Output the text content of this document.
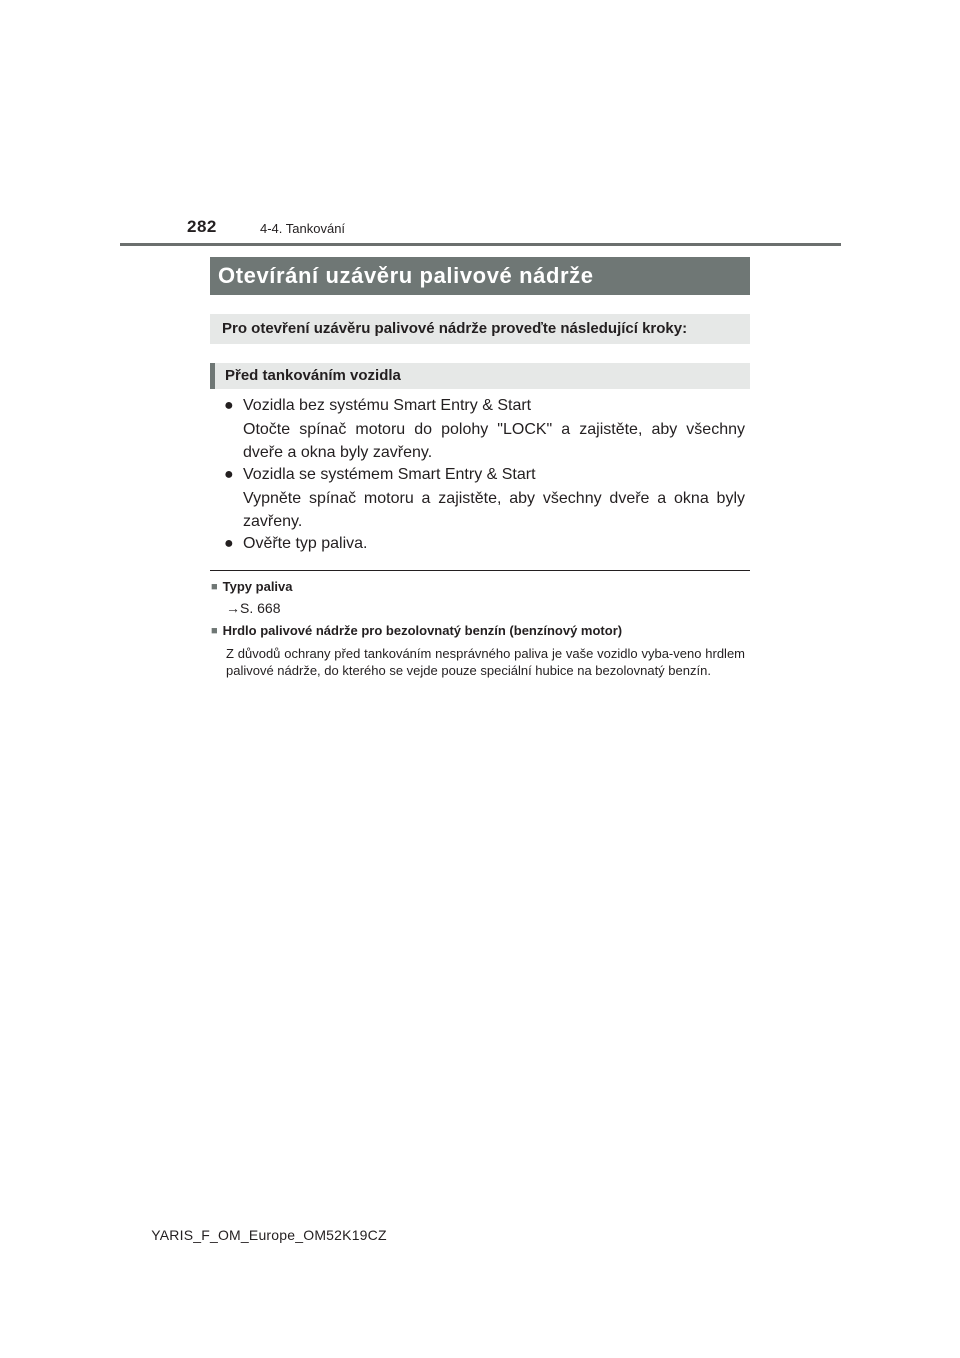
282	4-4. Tankování
Otevírání uzávěru palivové nádrže
Pro otevření uzávěru palivové nádrže proveďte následující kroky:
Před tankováním vozidla
● Vozidla bez systému Smart Entry & Start
Otočte spínač motoru do polohy "LOCK" a zajistěte, aby všechny dveře a okna byly zavřeny.
● Vozidla se systémem Smart Entry & Start
Vypněte spínač motoru a zajistěte, aby všechny dveře a okna byly zavřeny.
● Ověřte typ paliva.
■ Typy paliva
→S. 668
■ Hrdlo palivové nádrže pro bezolovnatý benzín (benzínový motor)
Z důvodů ochrany před tankováním nesprávného paliva je vaše vozidlo vyba-veno hrdlem palivové nádrže, do kterého se vejde pouze speciální hubice na bezolovnatý benzín.
YARIS_F_OM_Europe_OM52K19CZ
